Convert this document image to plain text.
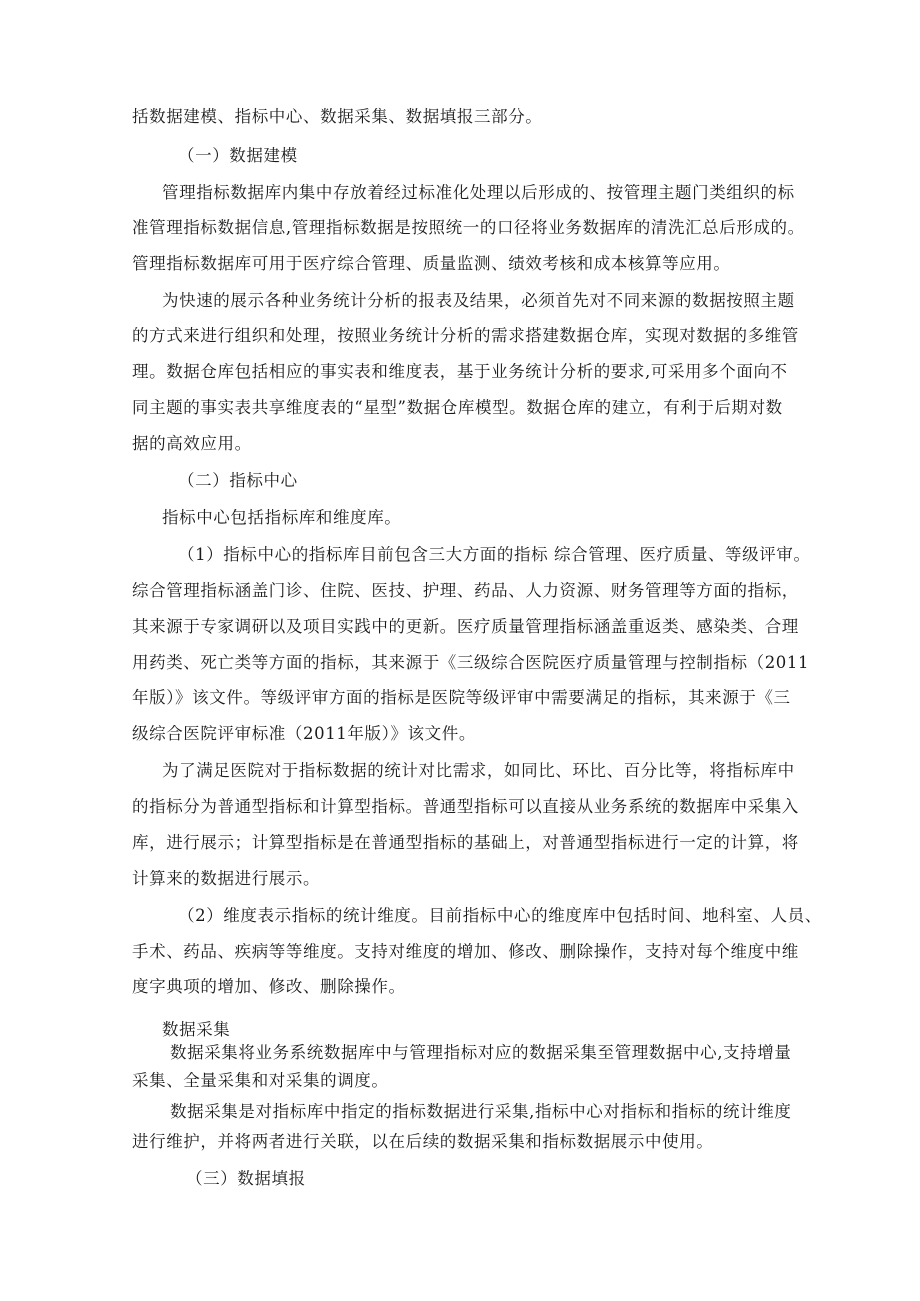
括数据建模、指标中心、数据采集、数据填报三部分。
（一）数据建模
管理指标数据库内集中存放着经过标准化处理以后形成的、按管理主题门类组织的标
准管理指标数据信息,管理指标数据是按照统一的口径将业务数据库的清洗汇总后形成的。
管理指标数据库可用于医疗综合管理、质量监测、绩效考核和成本核算等应用。
为快速的展示各种业务统计分析的报表及结果，必须首先对不同来源的数据按照主题
的方式来进行组织和处理，按照业务统计分析的需求搭建数据仓库，实现对数据的多维管
理。数据仓库包括相应的事实表和维度表，基于业务统计分析的要求,可采用多个面向不
同主题的事实表共享维度表的“星型”数据仓库模型。数据仓库的建立，有利于后期对数
据的高效应用。
（二）指标中心
指标中心包括指标库和维度库。
（1）指标中心的指标库目前包含三大方面的指标 综合管理、医疗质量、等级评审。
综合管理指标涵盖门诊、住院、医技、护理、药品、人力资源、财务管理等方面的指标，
其来源于专家调研以及项目实践中的更新。医疗质量管理指标涵盖重返类、感染类、合理
用药类、死亡类等方面的指标，其来源于《三级综合医院医疗质量管理与控制指标（2011
年版）》该文件。等级评审方面的指标是医院等级评审中需要满足的指标，其来源于《三
级综合医院评审标准（2011年版）》该文件。
为了满足医院对于指标数据的统计对比需求，如同比、环比、百分比等，将指标库中
的指标分为普通型指标和计算型指标。普通型指标可以直接从业务系统的数据库中采集入
库，进行展示；计算型指标是在普通型指标的基础上，对普通型指标进行一定的计算，将
计算来的数据进行展示。
（2）维度表示指标的统计维度。目前指标中心的维度库中包括时间、地科室、人员、
手术、药品、疾病等等维度。支持对维度的增加、修改、删除操作，支持对每个维度中维
度字典项的增加、修改、删除操作。
数据采集
数据采集将业务系统数据库中与管理指标对应的数据采集至管理数据中心,支持增量
采集、全量采集和对采集的调度。
数据采集是对指标库中指定的指标数据进行采集,指标中心对指标和指标的统计维度
进行维护，并将两者进行关联，以在后续的数据采集和指标数据展示中使用。
（三）数据填报
